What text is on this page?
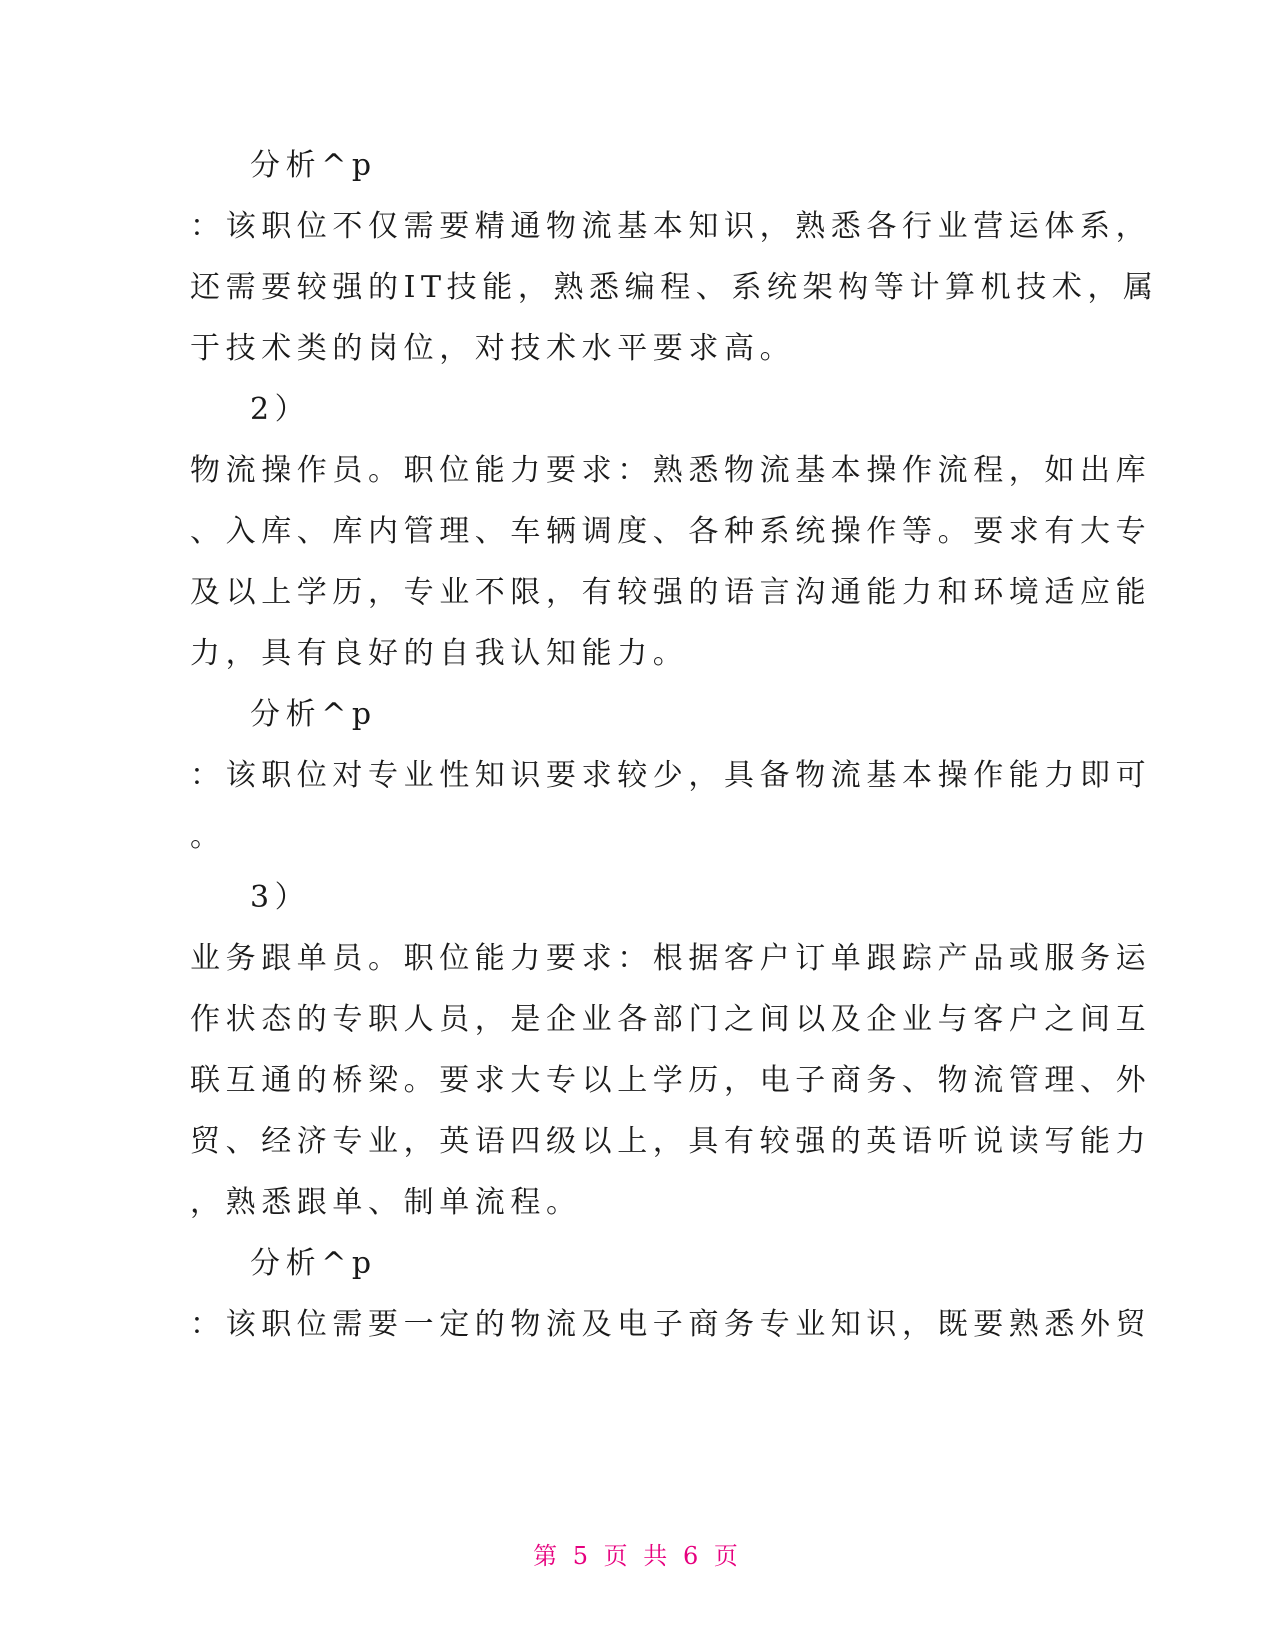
分析^p
：该职位不仅需要精通物流基本知识，熟悉各行业营运体系，
还需要较强的IT技能，熟悉编程、系统架构等计算机技术，属
于技术类的岗位，对技术水平要求高。
2）
物流操作员。职位能力要求：熟悉物流基本操作流程，如出库
、入库、库内管理、车辆调度、各种系统操作等。要求有大专
及以上学历，专业不限，有较强的语言沟通能力和环境适应能
力，具有良好的自我认知能力。
分析^p
：该职位对专业性知识要求较少，具备物流基本操作能力即可
。
3）
业务跟单员。职位能力要求：根据客户订单跟踪产品或服务运
作状态的专职人员，是企业各部门之间以及企业与客户之间互
联互通的桥梁。要求大专以上学历，电子商务、物流管理、外
贸、经济专业，英语四级以上，具有较强的英语听说读写能力
，熟悉跟单、制单流程。
分析^p
：该职位需要一定的物流及电子商务专业知识，既要熟悉外贸
第 5 页 共 6 页
